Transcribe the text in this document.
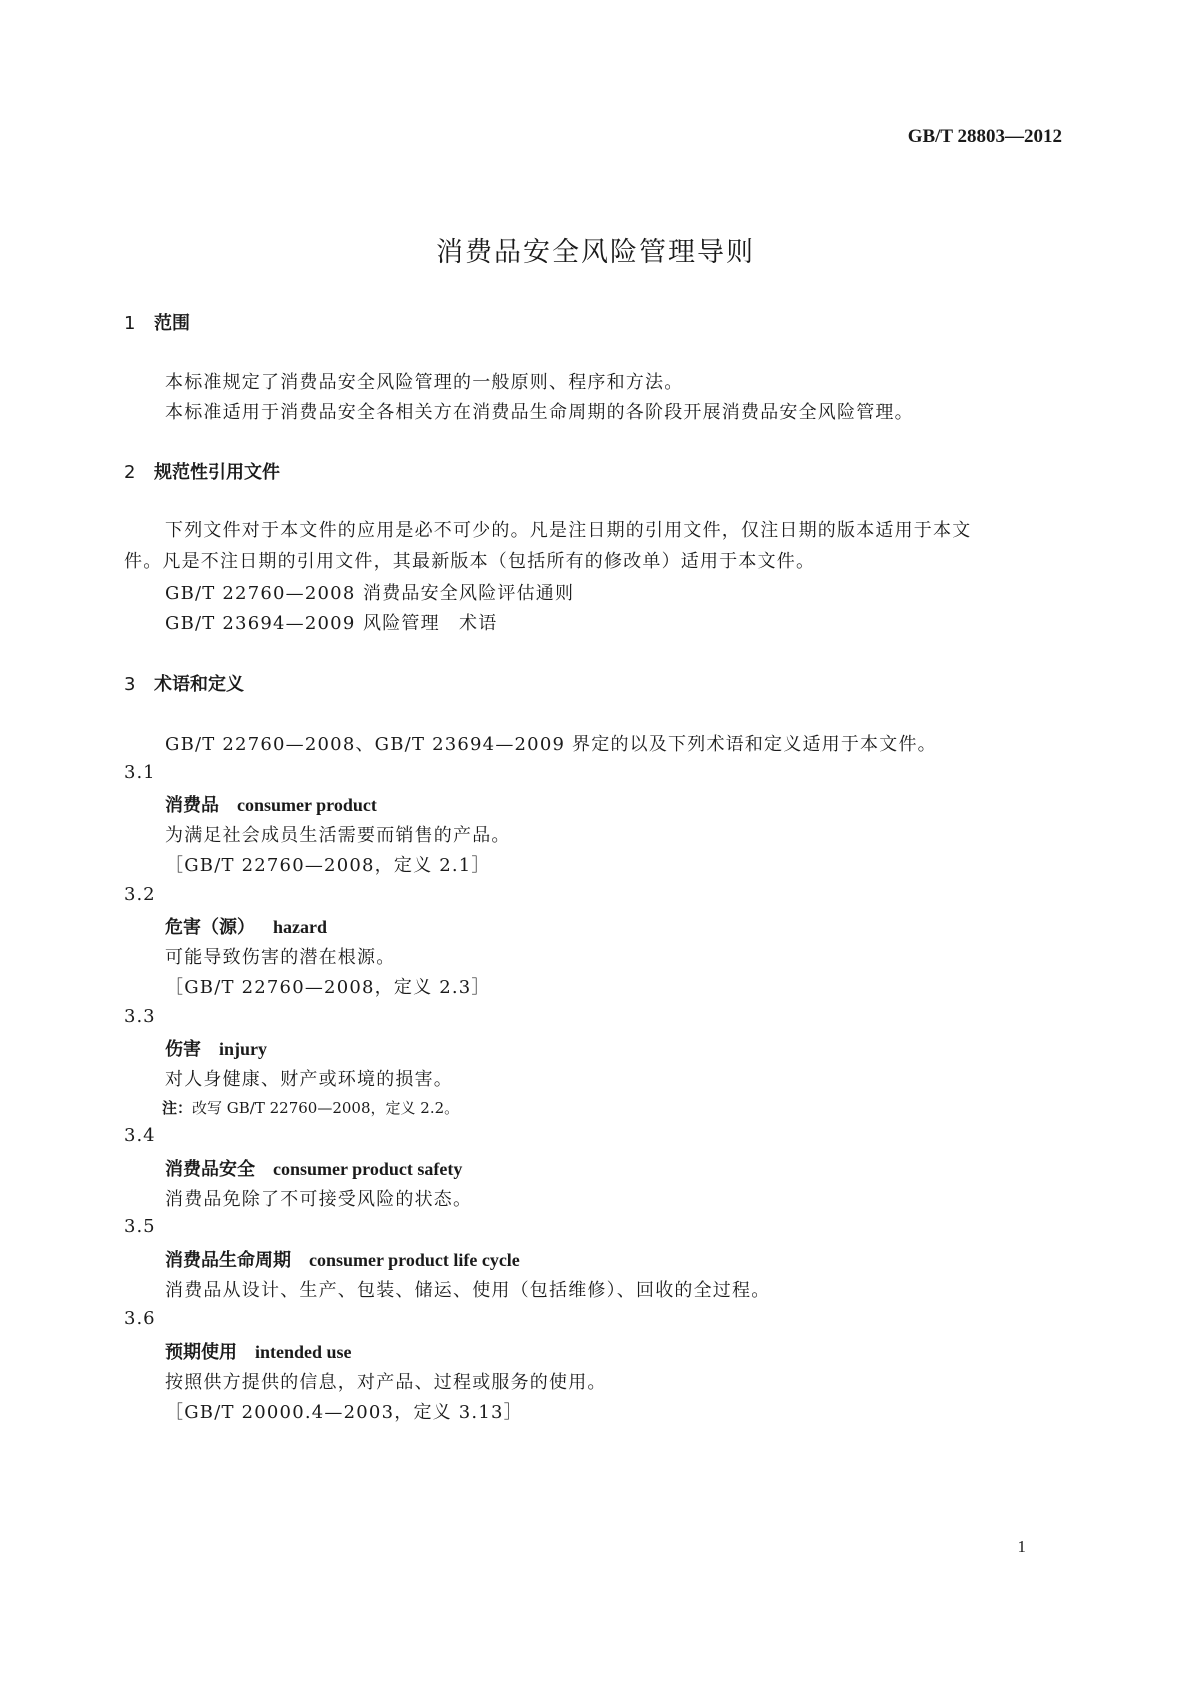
GB/T 28803—2012
消费品安全风险管理导则
1 范围
本标准规定了消费品安全风险管理的一般原则、程序和方法。
本标准适用于消费品安全各相关方在消费品生命周期的各阶段开展消费品安全风险管理。
2 规范性引用文件
下列文件对于本文件的应用是必不可少的。凡是注日期的引用文件，仅注日期的版本适用于本文件。凡是不注日期的引用文件，其最新版本（包括所有的修改单）适用于本文件。
GB/T 22760—2008 消费品安全风险评估通则
GB/T 23694—2009 风险管理　术语
3 术语和定义
GB/T 22760—2008、GB/T 23694—2009 界定的以及下列术语和定义适用于本文件。
3.1
消费品 consumer product
为满足社会成员生活需要而销售的产品。
［GB/T 22760—2008，定义 2.1］
3.2
危害（源） hazard
可能导致伤害的潜在根源。
［GB/T 22760—2008，定义 2.3］
3.3
伤害 injury
对人身健康、财产或环境的损害。
注：改写 GB/T 22760—2008，定义 2.2。
3.4
消费品安全 consumer product safety
消费品免除了不可接受风险的状态。
3.5
消费品生命周期 consumer product life cycle
消费品从设计、生产、包装、储运、使用（包括维修）、回收的全过程。
3.6
预期使用 intended use
按照供方提供的信息，对产品、过程或服务的使用。
［GB/T 20000.4—2003，定义 3.13］
1
